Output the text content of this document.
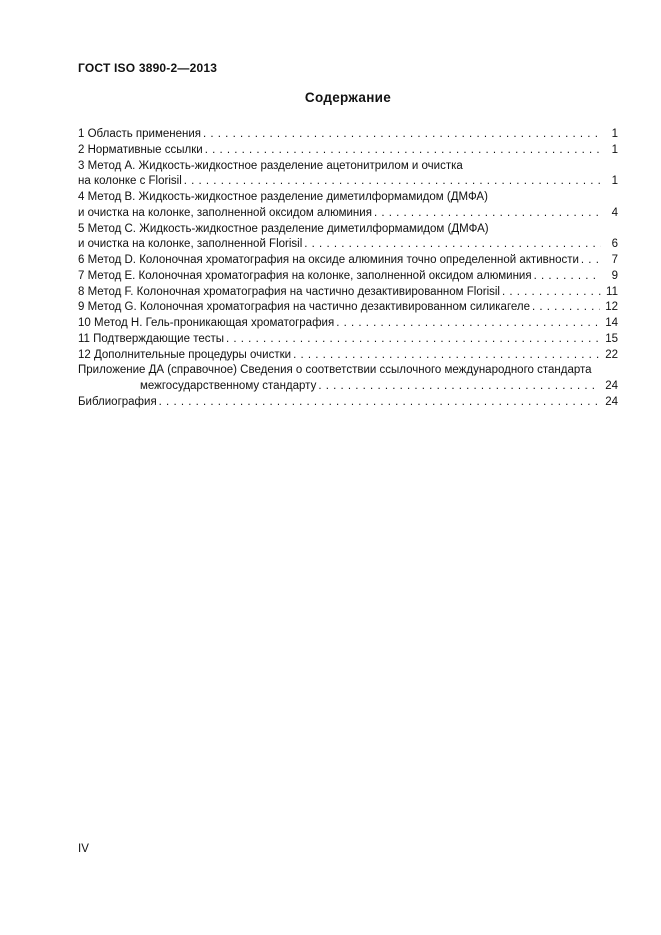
ГОСТ ISO 3890-2—2013
Содержание
1 Область применения . . .	1
2 Нормативные ссылки . . .	1
3 Метод A. Жидкость-жидкостное разделение ацетонитрилом и очистка
на колонке с Florisil . . .	1
4 Метод B. Жидкость-жидкостное разделение диметилформамидом (ДМФА)
и очистка на колонке, заполненной оксидом алюминия . . .	4
5 Метод C. Жидкость-жидкостное разделение диметилформамидом (ДМФА)
и очистка на колонке, заполненной Florisil . . .	6
6 Метод D. Колоночная хроматография на оксиде алюминия точно определенной активности . . .	7
7 Метод E. Колоночная хроматография на колонке, заполненной оксидом алюминия . . .	9
8 Метод F. Колоночная хроматография на частично дезактивированном Florisil . . .	11
9 Метод G. Колоночная хроматография на частично дезактивированном силикагеле . . .	12
10 Метод H. Гель-проникающая хроматография . . .	14
11 Подтверждающие тесты . . .	15
12 Дополнительные процедуры очистки . . .	22
Приложение ДА (справочное) Сведения о соответствии ссылочного международного стандарта
межгосударственному стандарту . . .	24
Библиография . . .	24
IV
